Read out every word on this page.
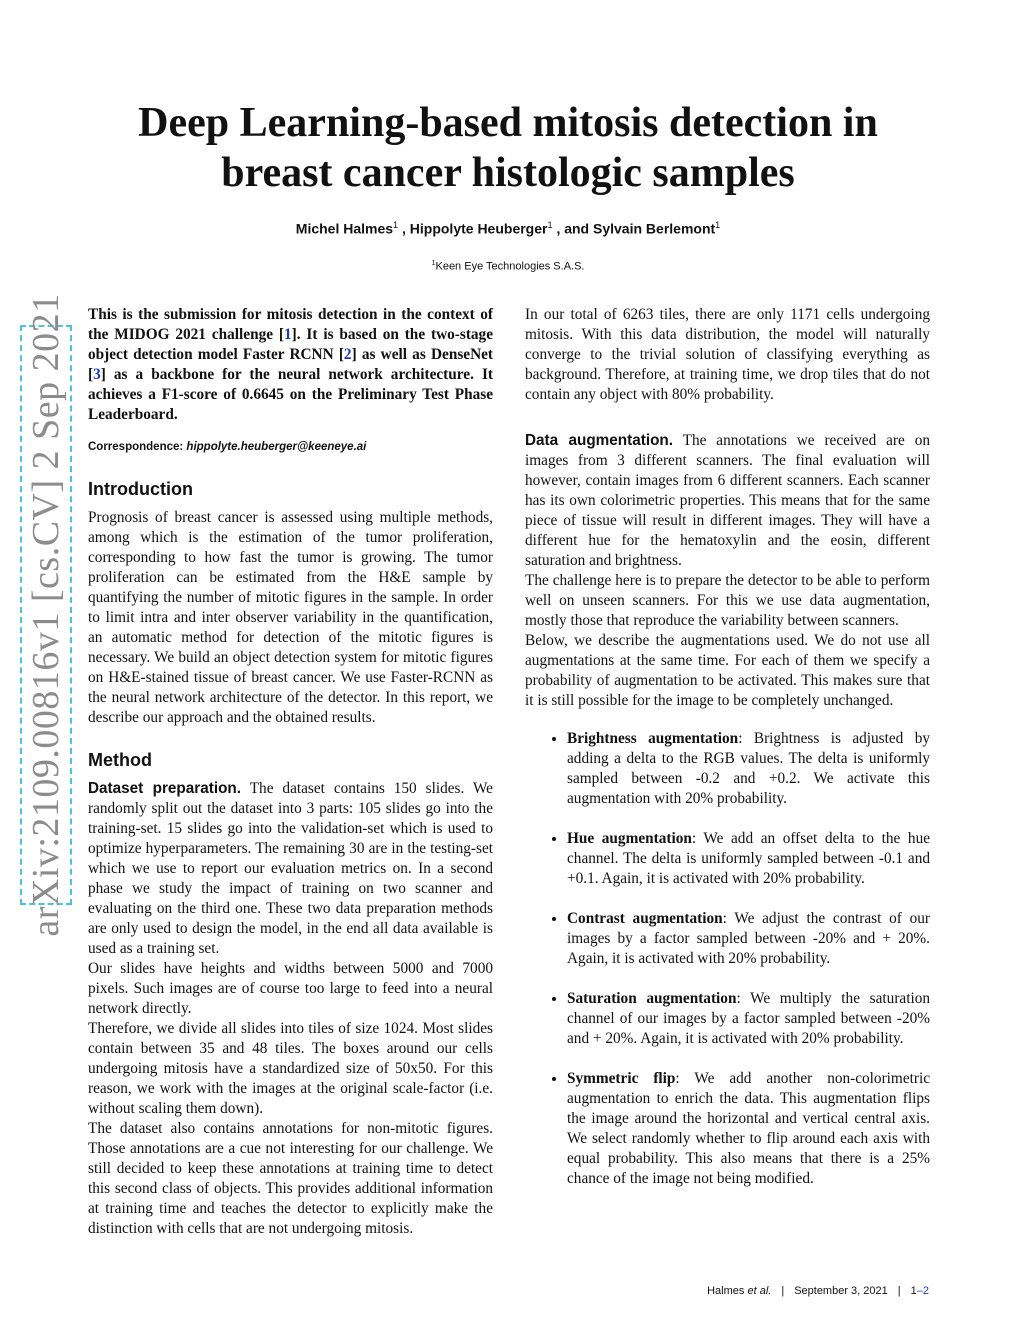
arXiv:2109.00816v1 [cs.CV] 2 Sep 2021
Deep Learning-based mitosis detection in
breast cancer histologic samples
Michel Halmes$^1$ , Hippolyte Heuberger$^1$ , and Sylvain Berlemont$^1$
$^1$Keen Eye Technologies S.A.S.

This is the submission for mitosis detection in the context of the MIDOG 2021 challenge [1]. It is based on the two-stage object detection model Faster RCNN [2] as well as DenseNet [3] as a backbone for the neural network architecture. It achieves a F1-score of 0.6645 on the Preliminary Test Phase Leaderboard.

Correspondence: hippolyte.heuberger@keeneye.ai

Introduction

Prognosis of breast cancer is assessed using multiple methods, among which is the estimation of the tumor proliferation, corresponding to how fast the tumor is growing. The tumor proliferation can be estimated from the H&E sample by quantifying the number of mitotic figures in the sample. In order to limit intra and inter observer variability in the quantification, an automatic method for detection of the mitotic figures is necessary. We build an object detection system for mitotic figures on H&E-stained tissue of breast cancer. We use Faster-RCNN as the neural network architecture of the detector. In this report, we describe our approach and the obtained results.

Method

Dataset preparation. The dataset contains 150 slides. We randomly split out the dataset into 3 parts: 105 slides go into the training-set. 15 slides go into the validation-set which is used to optimize hyperparameters. The remaining 30 are in the testing-set which we use to report our evaluation metrics on. In a second phase we study the impact of training on two scanner and evaluating on the third one. These two data preparation methods are only used to design the model, in the end all data available is used as a training set.

Our slides have heights and widths between 5000 and 7000 pixels. Such images are of course too large to feed into a neural network directly.

Therefore, we divide all slides into tiles of size 1024. Most slides contain between 35 and 48 tiles. The boxes around our cells undergoing mitosis have a standardized size of 50x50. For this reason, we work with the images at the original scale-factor (i.e. without scaling them down).

The dataset also contains annotations for non-mitotic figures. Those annotations are a cue not interesting for our challenge. We still decided to keep these annotations at training time to detect this second class of objects. This provides additional information at training time and teaches the detector to explicitly make the distinction with cells that are not undergoing mitosis.

In our total of 6263 tiles, there are only 1171 cells undergoing mitosis. With this data distribution, the model will naturally converge to the trivial solution of classifying everything as background. Therefore, at training time, we drop tiles that do not contain any object with 80% probability.

Data augmentation. The annotations we received are on images from 3 different scanners. The final evaluation will however, contain images from 6 different scanners. Each scanner has its own colorimetric properties. This means that for the same piece of tissue will result in different images. They will have a different hue for the hematoxylin and the eosin, different saturation and brightness.

The challenge here is to prepare the detector to be able to perform well on unseen scanners. For this we use data augmentation, mostly those that reproduce the variability between scanners.

Below, we describe the augmentations used. We do not use all augmentations at the same time. For each of them we specify a probability of augmentation to be activated. This makes sure that it is still possible for the image to be completely unchanged.

• Brightness augmentation: Brightness is adjusted by adding a delta to the RGB values. The delta is uniformly sampled between -0.2 and +0.2. We activate this augmentation with 20% probability.
• Hue augmentation: We add an offset delta to the hue channel. The delta is uniformly sampled between -0.1 and +0.1. Again, it is activated with 20% probability.
• Contrast augmentation: We adjust the contrast of our images by a factor sampled between -20% and + 20%. Again, it is activated with 20% probability.
• Saturation augmentation: We multiply the saturation channel of our images by a factor sampled between -20% and + 20%. Again, it is activated with 20% probability.
• Symmetric flip: We add another non-colorimetric augmentation to enrich the data. This augmentation flips the image around the horizontal and vertical central axis. We select randomly whether to flip around each axis with equal probability. This also means that there is a 25% chance of the image not being modified.
Halmes et al. | September 3, 2021 | 1–2
